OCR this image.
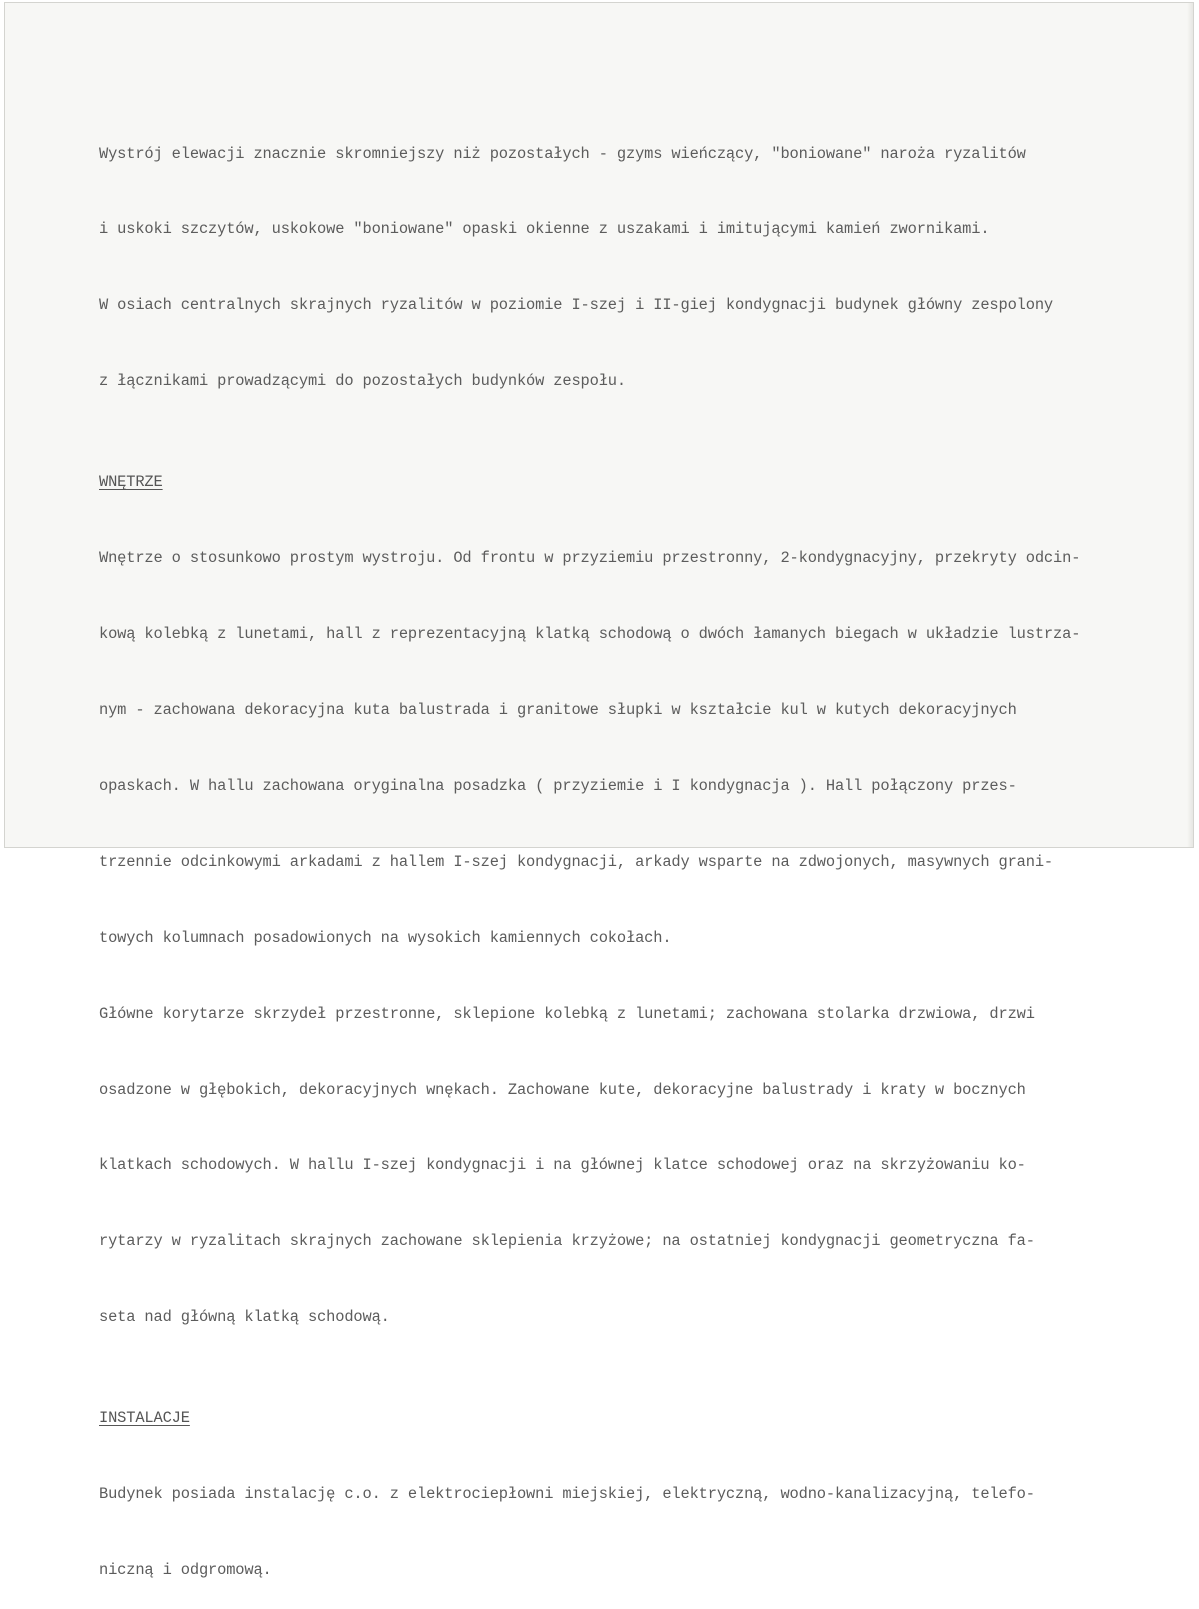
Wystrój elewacji znacznie skromniejszy niż pozostałych - gzyms wieńczący, "boniowane" naroża ryzalitów

i uskoki szczytów, uskokowe "boniowane" opaski okienne z uszakami i imitującymi kamień zwornikami.

W osiach centralnych skrajnych ryzalitów w poziomie I-szej i II-giej kondygnacji budynek główny zespolony

z łącznikami prowadzącymi do pozostałych budynków zespołu.

WNĘTRZE

Wnętrze o stosunkowo prostym wystroju. Od frontu w przyziemiu przestronny, 2-kondygnacyjny, przekryty odcin-

kową kolebką z lunetami, hall z reprezentacyjną klatką schodową o dwóch łamanych biegach w układzie lustrza-

nym - zachowana dekoracyjna kuta balustrada i granitowe słupki w kształcie kul w kutych dekoracyjnych

opaskach. W hallu zachowana oryginalna posadzka ( przyziemie i I kondygnacja ). Hall połączony przes-

trzennie odcinkowymi arkadami z hallem I-szej kondygnacji, arkady wsparte na zdwojonych, masywnych grani-

towych kolumnach posadowionych na wysokich kamiennych cokołach.

Główne korytarze skrzydeł przestronne, sklepione kolebką z lunetami; zachowana stolarka drzwiowa, drzwi

osadzone w głębokich, dekoracyjnych wnękach. Zachowane kute, dekoracyjne balustrady i kraty w bocznych

klatkach schodowych. W hallu I-szej kondygnacji i na głównej klatce schodowej oraz na skrzyżowaniu ko-

rytarzy w ryzalitach skrajnych zachowane sklepienia krzyżowe; na ostatniej kondygnacji geometryczna fa-

seta nad główną klatką schodową.

INSTALACJE

Budynek posiada instalację c.o. z elektrociepłowni miejskiej, elektryczną, wodno-kanalizacyjną, telefo-

niczną i odgromową.
